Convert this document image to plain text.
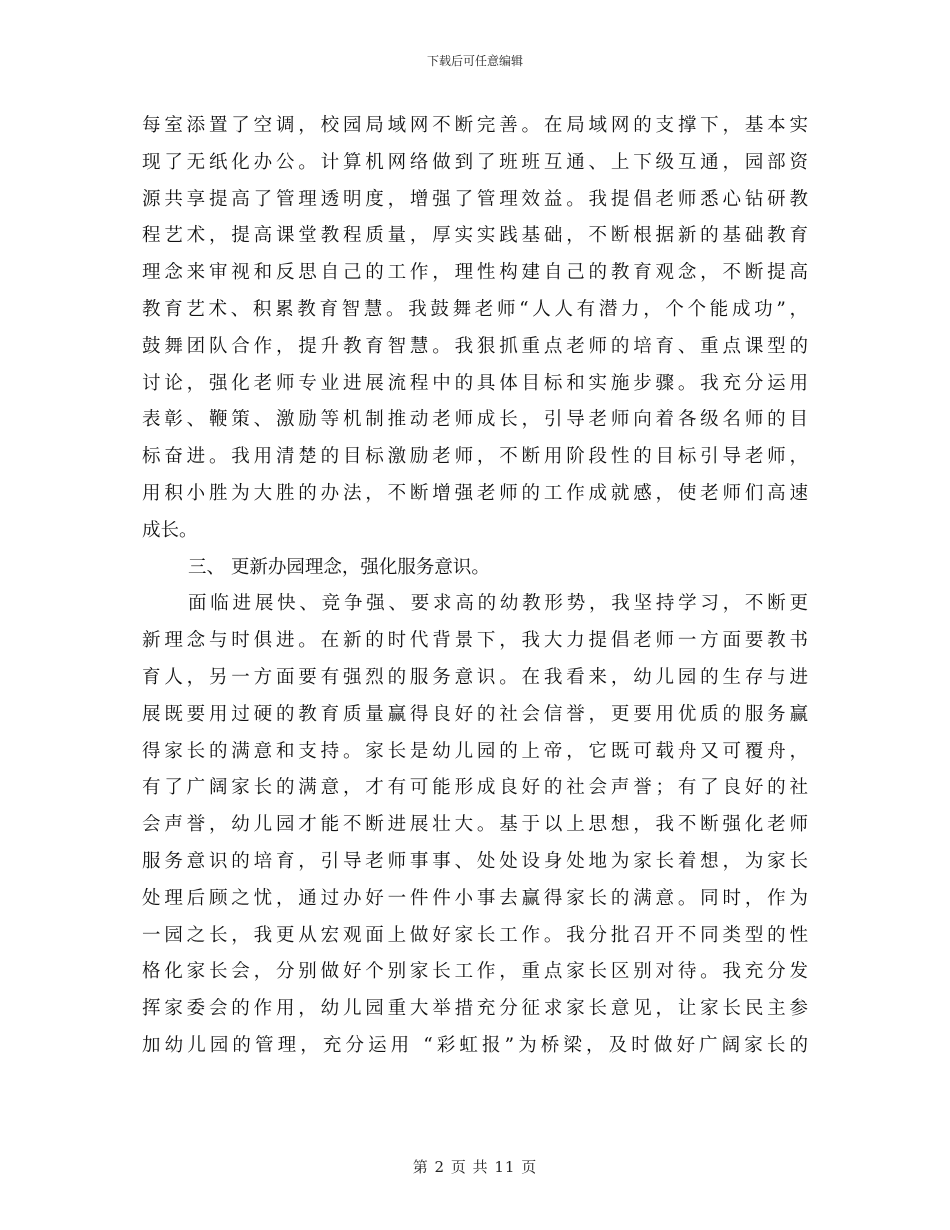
下载后可任意编辑
每室添置了空调，校园局域网不断完善。在局域网的支撑下，基本实
现了无纸化办公。计算机网络做到了班班互通、上下级互通，园部资
源共享提高了管理透明度，增强了管理效益。我提倡老师悉心钻研教
程艺术，提高课堂教程质量，厚实实践基础，不断根据新的基础教育
理念来审视和反思自己的工作，理性构建自己的教育观念，不断提高
教育艺术、积累教育智慧。我鼓舞老师“人人有潜力，个个能成功”，
鼓舞团队合作，提升教育智慧。我狠抓重点老师的培育、重点课型的
讨论，强化老师专业进展流程中的具体目标和实施步骤。我充分运用
表彰、鞭策、激励等机制推动老师成长，引导老师向着各级名师的目
标奋进。我用清楚的目标激励老师，不断用阶段性的目标引导老师，
用积小胜为大胜的办法，不断增强老师的工作成就感，使老师们高速
成长。
三、 更新办园理念，强化服务意识。
面临进展快、竞争强、要求高的幼教形势，我坚持学习，不断更
新理念与时俱进。在新的时代背景下，我大力提倡老师一方面要教书
育人，另一方面要有强烈的服务意识。在我看来，幼儿园的生存与进
展既要用过硬的教育质量赢得良好的社会信誉，更要用优质的服务赢
得家长的满意和支持。家长是幼儿园的上帝，它既可载舟又可覆舟，
有了广阔家长的满意，才有可能形成良好的社会声誉；有了良好的社
会声誉，幼儿园才能不断进展壮大。基于以上思想，我不断强化老师
服务意识的培育，引导老师事事、处处设身处地为家长着想，为家长
处理后顾之忧，通过办好一件件小事去赢得家长的满意。同时，作为
一园之长，我更从宏观面上做好家长工作。我分批召开不同类型的性
格化家长会，分别做好个别家长工作，重点家长区别对待。我充分发
挥家委会的作用，幼儿园重大举措充分征求家长意见，让家长民主参
加幼儿园的管理，充分运用 “彩虹报”为桥梁，及时做好广阔家长的
第 2 页 共 11 页
